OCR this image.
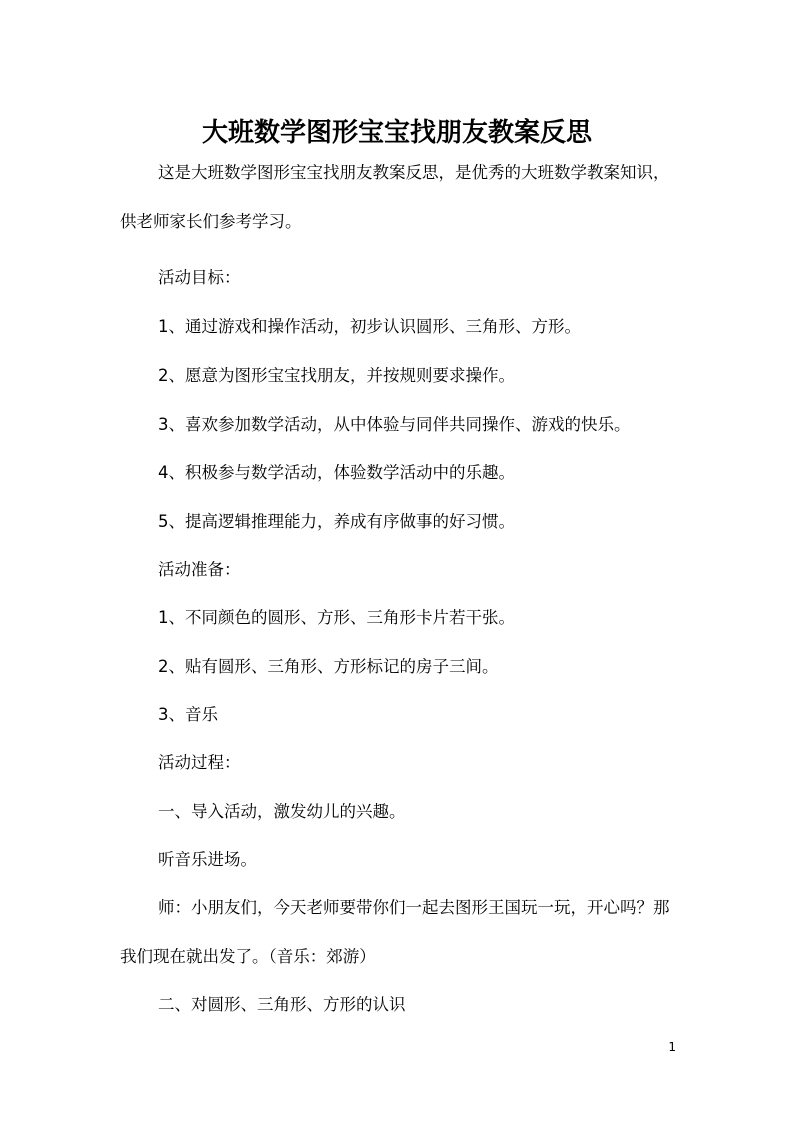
大班数学图形宝宝找朋友教案反思

这是大班数学图形宝宝找朋友教案反思，是优秀的大班数学教案知识，供老师家长们参考学习。

活动目标：

1、通过游戏和操作活动，初步认识圆形、三角形、方形。

2、愿意为图形宝宝找朋友，并按规则要求操作。

3、喜欢参加数学活动，从中体验与同伴共同操作、游戏的快乐。

4、积极参与数学活动，体验数学活动中的乐趣。

5、提高逻辑推理能力，养成有序做事的好习惯。

活动准备：

1、不同颜色的圆形、方形、三角形卡片若干张。

2、贴有圆形、三角形、方形标记的房子三间。

3、音乐

活动过程：

一、导入活动，激发幼儿的兴趣。

听音乐进场。

师：小朋友们，今天老师要带你们一起去图形王国玩一玩，开心吗？那我们现在就出发了。（音乐：郊游）

二、对圆形、三角形、方形的认识

1
